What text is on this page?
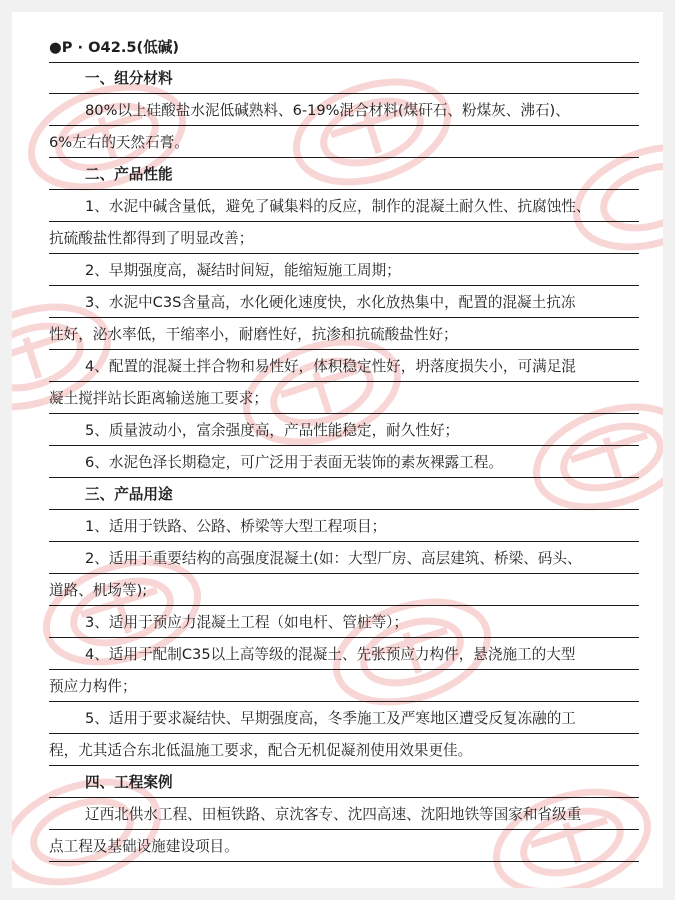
●P · O42.5(低碱)
一、组分材料
80%以上硅酸盐水泥低碱熟料、6-19%混合材料(煤矸石、粉煤灰、沸石)、
6%左右的天然石膏。
二、产品性能
1、水泥中碱含量低，避免了碱集料的反应，制作的混凝土耐久性、抗腐蚀性、
抗硫酸盐性都得到了明显改善；
2、早期强度高，凝结时间短，能缩短施工周期；
3、水泥中C3S含量高，水化硬化速度快，水化放热集中，配置的混凝土抗冻
性好，泌水率低，干缩率小，耐磨性好，抗渗和抗硫酸盐性好；
4、配置的混凝土拌合物和易性好，体积稳定性好，坍落度损失小，可满足混
凝土搅拌站长距离输送施工要求；
5、质量波动小，富余强度高，产品性能稳定，耐久性好；
6、水泥色泽长期稳定，可广泛用于表面无装饰的素灰裸露工程。
三、产品用途
1、适用于铁路、公路、桥梁等大型工程项目；
2、适用于重要结构的高强度混凝土(如：大型厂房、高层建筑、桥梁、码头、
道路、机场等);
3、适用于预应力混凝土工程（如电杆、管桩等）；
4、适用于配制C35以上高等级的混凝土、先张预应力构件，悬浇施工的大型
预应力构件；
5、适用于要求凝结快、早期强度高，冬季施工及严寒地区遭受反复冻融的工
程，尤其适合东北低温施工要求，配合无机促凝剂使用效果更佳。
四、工程案例
辽西北供水工程、田桓铁路、京沈客专、沈四高速、沈阳地铁等国家和省级重
点工程及基础设施建设项目。
